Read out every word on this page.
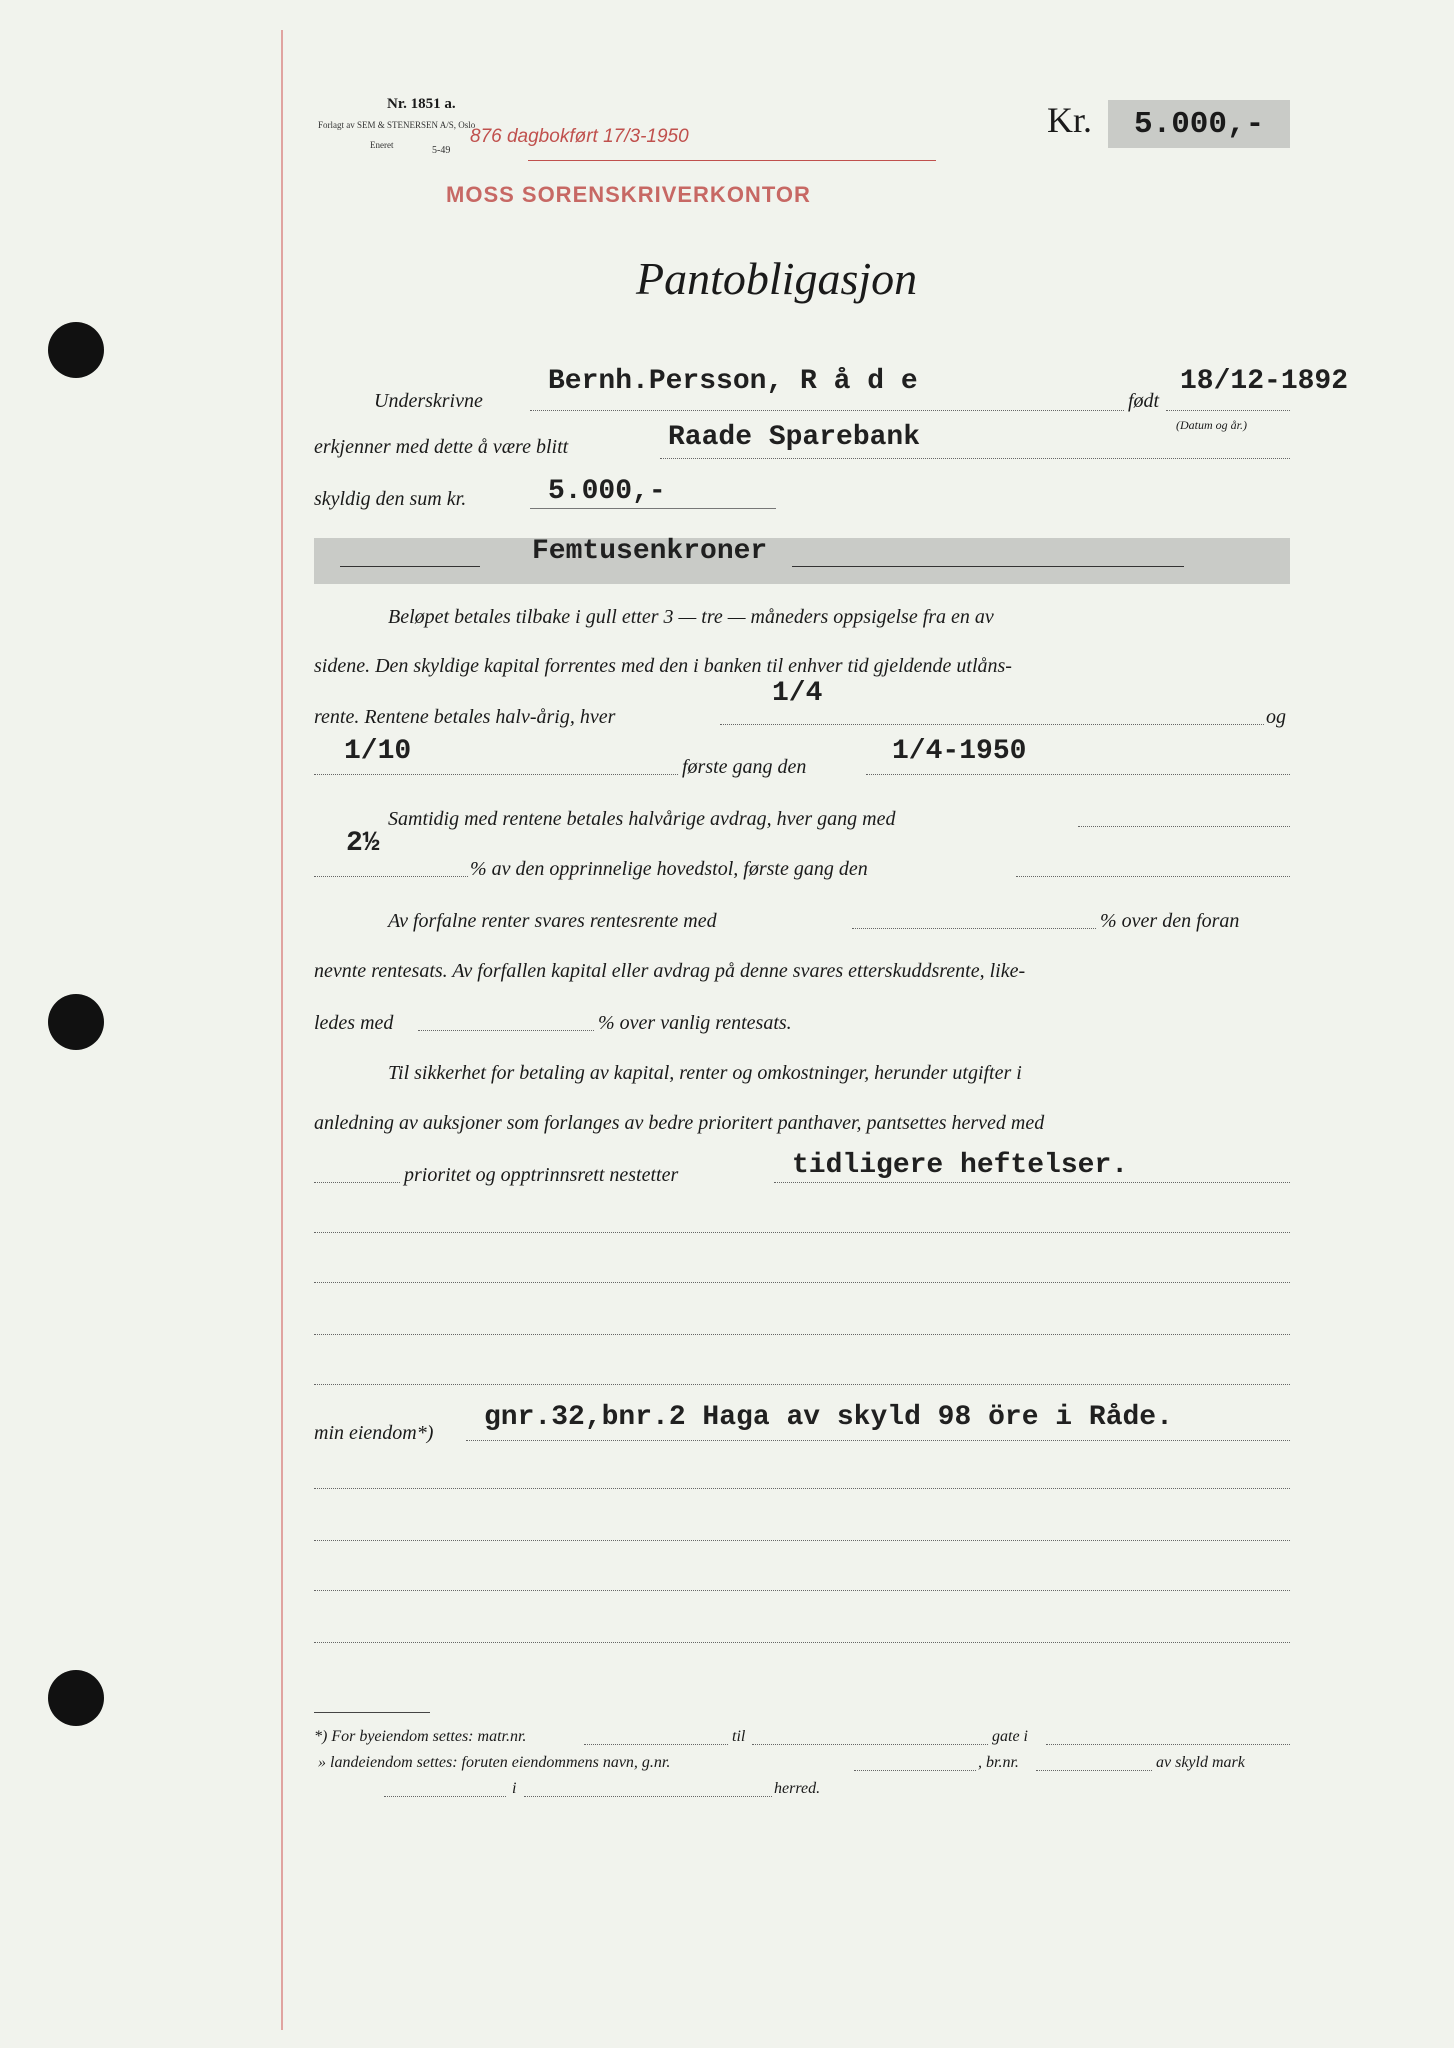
Nr. 1851 a.
Forlagt av SEM & STENERSEN A/S, Oslo
Eneret	5-49
876 dagbokført 17/3-1950
MOSS SORENSKRIVERKONTOR
Kr. 5.000,-
Pantobligasjon
Underskrivne
Bernh.Persson, R å d e
født
18/12-1892
(Datum og år.)
erkjenner med dette å være blitt	Raade Sparebank
skyldig den sum kr.	5.000,-
Femtusenkroner
Beløpet betales tilbake i gull etter 3 — tre — måneders oppsigelse fra en av
sidene. Den skyldige kapital forrentes med den i banken til enhver tid gjeldende utlåns-
rente. Rentene betales halv-årig, hver
1/4
og
1/10	første gang den	1/4-1950
Samtidig med rentene betales halvårige avdrag, hver gang med
2½
% av den opprinnelige hovedstol, første gang den
Av forfalne renter svares rentesrente med	% over den foran
nevnte rentesats. Av forfallen kapital eller avdrag på denne svares etterskuddsrente, like-
ledes med	% over vanlig rentesats.
Til sikkerhet for betaling av kapital, renter og omkostninger, herunder utgifter i
anledning av auksjoner som forlanges av bedre prioritert panthaver, pantsettes herved med
prioritet og opptrinnsrett nestetter	tidligere heftelser.
min eiendom*) gnr.32,bnr.2 Haga av skyld 98 öre i Råde.
*) For byeiendom settes: matr.nr.	til	gate i
» landeiendom settes: foruten eiendommens navn, g.nr.	, br.nr.	av skyld mark
i	herred.
